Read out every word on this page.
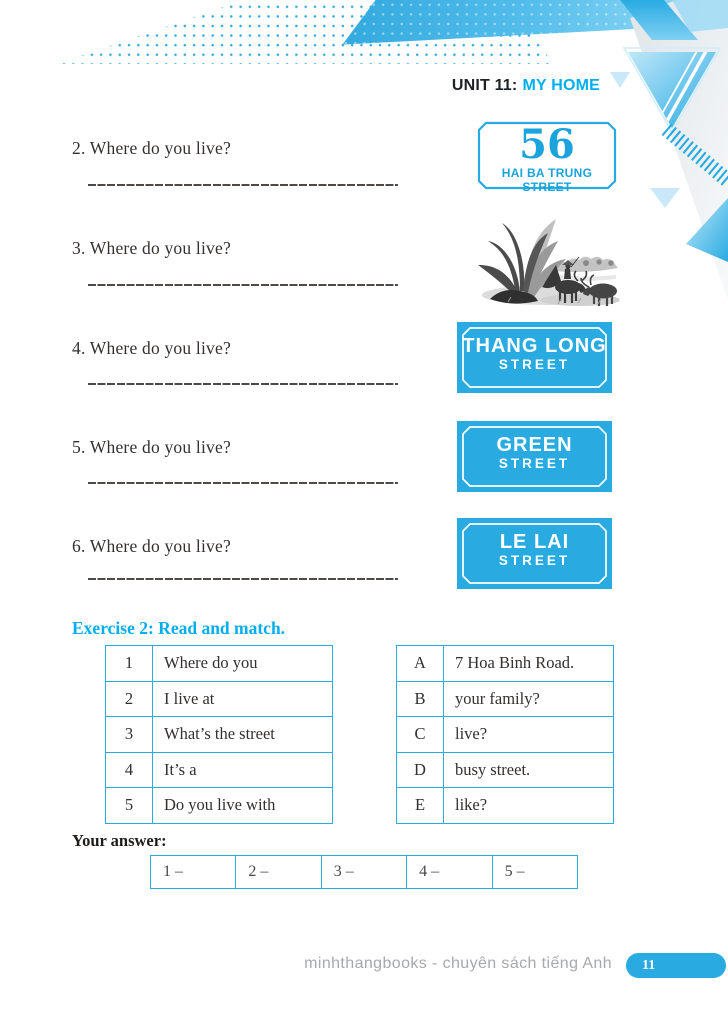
UNIT 11: MY HOME
2. Where do you live?
3. Where do you live?
4. Where do you live?
5. Where do you live?
6. Where do you live?
56
HAI BA TRUNG STREET
THANG LONG
STREET
GREEN
STREET
LE LAI
STREET
Exercise 2: Read and match.
1	Where do you
2	I live at
3	What’s the street
4	It’s a
5	Do you live with
A	7 Hoa Binh Road.
B	your family?
C	live?
D	busy street.
E	like?
Your answer:
1 –	2 –	3 –	4 –	5 –
minhthangbooks - chuyên sách tiếng Anh	11
